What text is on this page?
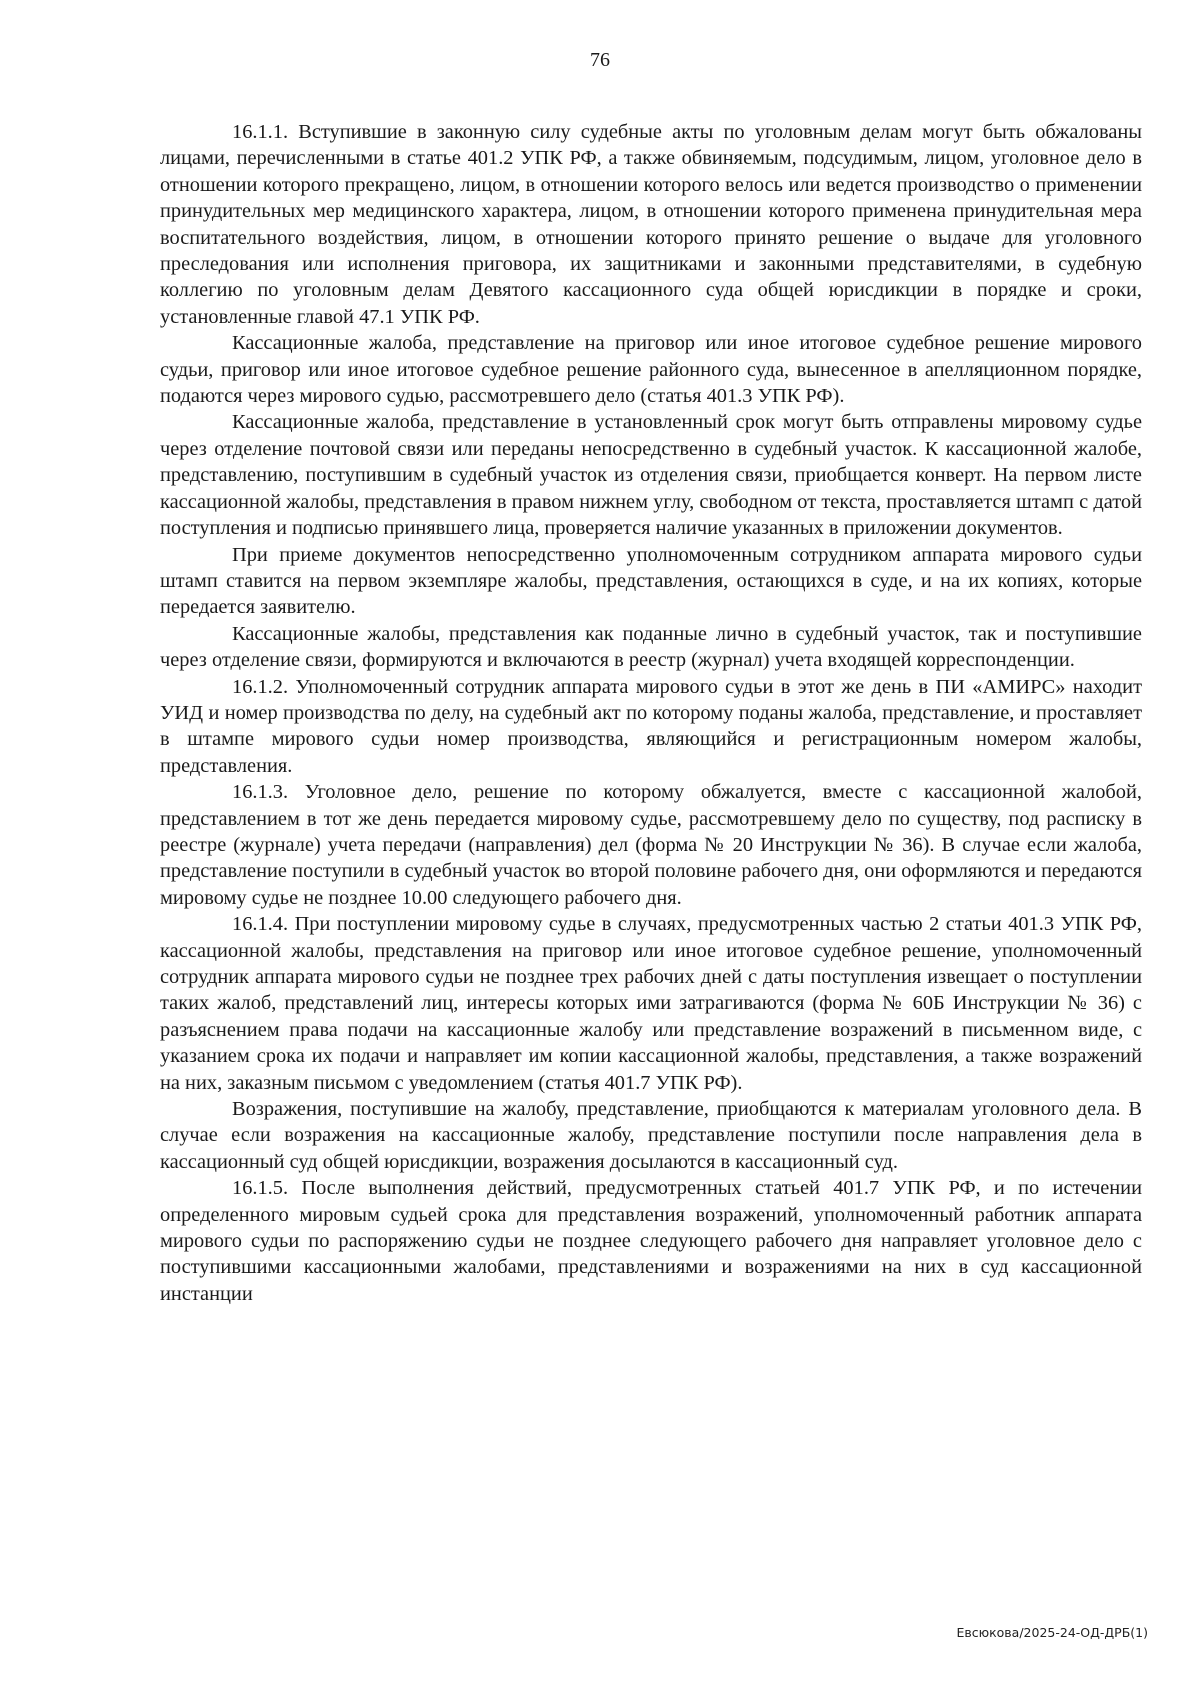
76

16.1.1. Вступившие в законную силу судебные акты по уголовным делам могут быть обжалованы лицами, перечисленными в статье 401.2 УПК РФ, а также обвиняемым, подсудимым, лицом, уголовное дело в отношении которого прекращено, лицом, в отношении которого велось или ведется производство о применении принудительных мер медицинского характера, лицом, в отношении которого применена принудительная мера воспитательного воздействия, лицом, в отношении которого принято решение о выдаче для уголовного преследования или исполнения приговора, их защитниками и законными представителями, в судебную коллегию по уголовным делам Девятого кассационного суда общей юрисдикции в порядке и сроки, установленные главой 47.1 УПК РФ.

Кассационные жалоба, представление на приговор или иное итоговое судебное решение мирового судьи, приговор или иное итоговое судебное решение районного суда, вынесенное в апелляционном порядке, подаются через мирового судью, рассмотревшего дело (статья 401.3 УПК РФ).

Кассационные жалоба, представление в установленный срок могут быть отправлены мировому судье через отделение почтовой связи или переданы непосредственно в судебный участок. К кассационной жалобе, представлению, поступившим в судебный участок из отделения связи, приобщается конверт. На первом листе кассационной жалобы, представления в правом нижнем углу, свободном от текста, проставляется штамп с датой поступления и подписью принявшего лица, проверяется наличие указанных в приложении документов.

При приеме документов непосредственно уполномоченным сотрудником аппарата мирового судьи штамп ставится на первом экземпляре жалобы, представления, остающихся в суде, и на их копиях, которые передается заявителю.

Кассационные жалобы, представления как поданные лично в судебный участок, так и поступившие через отделение связи, формируются и включаются в реестр (журнал) учета входящей корреспонденции.

16.1.2. Уполномоченный сотрудник аппарата мирового судьи в этот же день в ПИ «АМИРС» находит УИД и номер производства по делу, на судебный акт по которому поданы жалоба, представление, и проставляет в штампе мирового судьи номер производства, являющийся и регистрационным номером жалобы, представления.

16.1.3. Уголовное дело, решение по которому обжалуется, вместе с кассационной жалобой, представлением в тот же день передается мировому судье, рассмотревшему дело по существу, под расписку в реестре (журнале) учета передачи (направления) дел (форма № 20 Инструкции № 36). В случае если жалоба, представление поступили в судебный участок во второй половине рабочего дня, они оформляются и передаются мировому судье не позднее 10.00 следующего рабочего дня.

16.1.4. При поступлении мировому судье в случаях, предусмотренных частью 2 статьи 401.3 УПК РФ, кассационной жалобы, представления на приговор или иное итоговое судебное решение, уполномоченный сотрудник аппарата мирового судьи не позднее трех рабочих дней с даты поступления извещает о поступлении таких жалоб, представлений лиц, интересы которых ими затрагиваются (форма № 60Б Инструкции № 36) с разъяснением права подачи на кассационные жалобу или представление возражений в письменном виде, с указанием срока их подачи и направляет им копии кассационной жалобы, представления, а также возражений на них, заказным письмом с уведомлением (статья 401.7 УПК РФ).

Возражения, поступившие на жалобу, представление, приобщаются к материалам уголовного дела. В случае если возражения на кассационные жалобу, представление поступили после направления дела в кассационный суд общей юрисдикции, возражения досылаются в кассационный суд.

16.1.5. После выполнения действий, предусмотренных статьей 401.7 УПК РФ, и по истечении определенного мировым судьей срока для представления возражений, уполномоченный работник аппарата мирового судьи по распоряжению судьи не позднее следующего рабочего дня направляет уголовное дело с поступившими кассационными жалобами, представлениями и возражениями на них в суд кассационной инстанции

Евсюкова/2025-24-ОД-ДРБ(1)
